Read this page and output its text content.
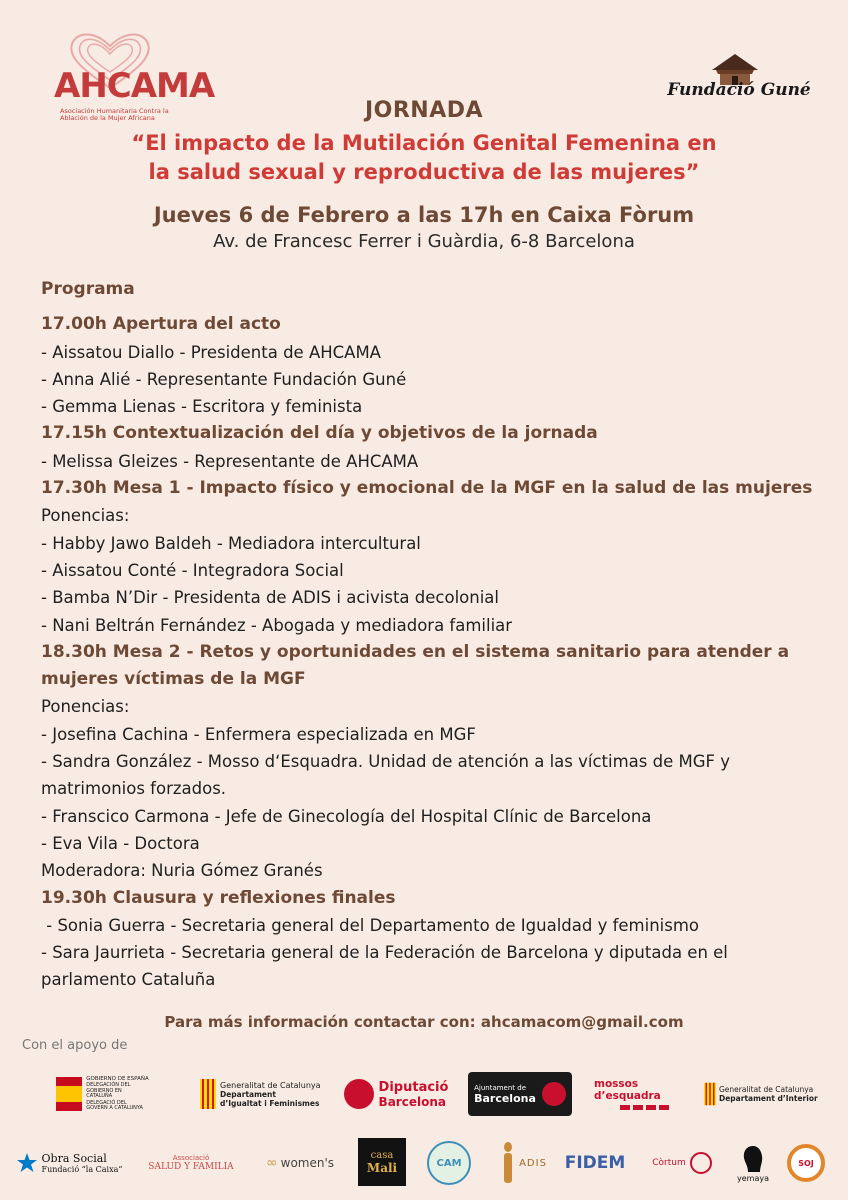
AHCAMA
Asociación Humanitaria Contra la Ablación de la Mujer Africana
Fundació Guné
JORNADA
“El impacto de la Mutilación Genital Femenina en
la salud sexual y reproductiva de las mujeres”
Jueves 6 de Febrero a las 17h en Caixa Fòrum
Av. de Francesc Ferrer i Guàrdia, 6-8 Barcelona
Programa
17.00h Apertura del acto
- Aissatou Diallo - Presidenta de AHCAMA
- Anna Alié - Representante Fundación Guné
- Gemma Lienas - Escritora y feminista
17.15h Contextualización del día y objetivos de la jornada
- Melissa Gleizes - Representante de AHCAMA
17.30h Mesa 1 - Impacto físico y emocional de la MGF en la salud de las mujeres
Ponencias:
- Habby Jawo Baldeh - Mediadora intercultural
- Aissatou Conté - Integradora Social
- Bamba N’Dir - Presidenta de ADIS i acivista decolonial
- Nani Beltrán Fernández - Abogada y mediadora familiar
18.30h Mesa 2 - Retos y oportunidades en el sistema sanitario para atender a mujeres víctimas de la MGF
Ponencias:
- Josefina Cachina - Enfermera especializada en MGF
- Sandra González - Mosso d‘Esquadra. Unidad de atención a las víctimas de MGF y matrimonios forzados.
- Franscico Carmona - Jefe de Ginecología del Hospital Clínic de Barcelona
- Eva Vila - Doctora
Moderadora: Nuria Gómez Granés
19.30h Clausura y reflexiones finales
- Sonia Guerra - Secretaria general del Departamento de Igualdad y feminismo
- Sara Jaurrieta - Secretaria general de la Federación de Barcelona y diputada en el parlamento Cataluña
Para más información contactar con: ahcamacom@gmail.com
Con el apoyo de
GOBIERNO DE ESPAÑA
DELEGACIÓN DEL GOBIERNO EN CATALUÑA
DELEGACIÓ DEL GOVERN A CATALUNYA
Generalitat de Catalunya
Departament d’Igualtat i Feminismes
Diputació
Barcelona
Ajuntament de
Barcelona
mossos d’esquadra
Generalitat de Catalunya
Departament d’Interior
Obra Social
Fundació “la Caixa”
Associació
SALUD Y FAMILIA ∞ women's
casa
Mali	CAM	ADIS FIDEM	Còrtum
yemaya
SOJ
